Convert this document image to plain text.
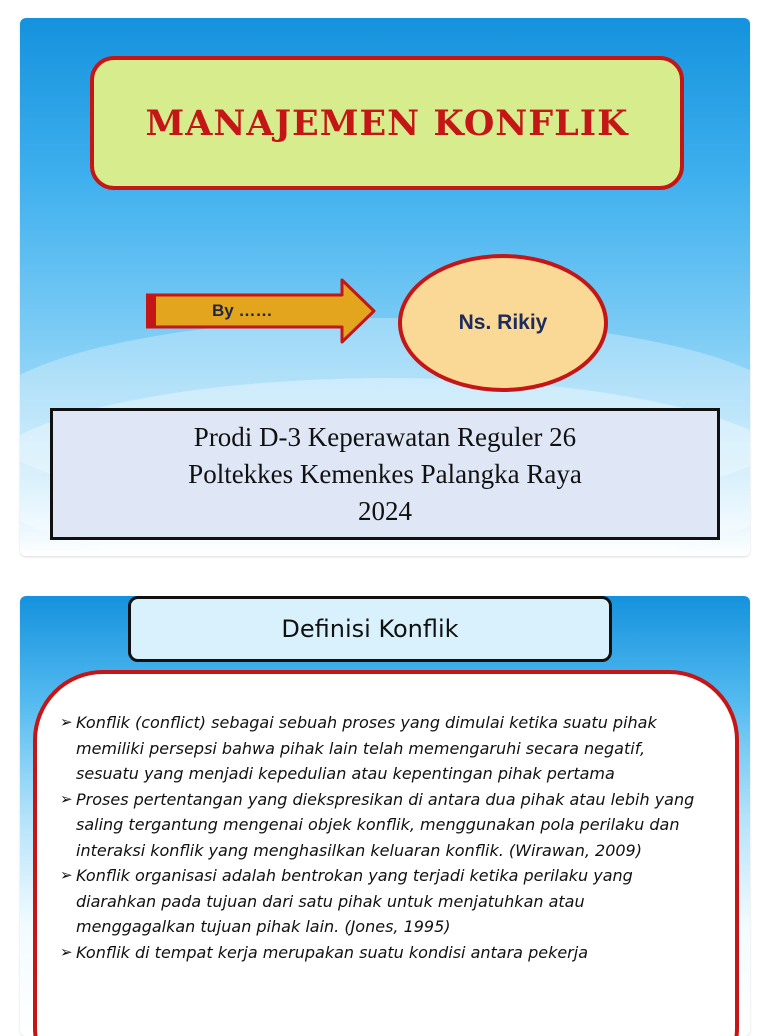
MANAJEMEN KONFLIK
By ……
Ns. Rikiy
Prodi D-3 Keperawatan Reguler 26
Poltekkes Kemenkes Palangka Raya
2024
Definisi Konflik
➢ Konflik (conflict) sebagai sebuah proses yang dimulai ketika suatu pihak memiliki persepsi bahwa pihak lain telah memengaruhi secara negatif, sesuatu yang menjadi kepedulian atau kepentingan pihak pertama
➢ Proses pertentangan yang diekspresikan di antara dua pihak atau lebih yang saling tergantung mengenai objek konflik, menggunakan pola perilaku dan interaksi konflik yang menghasilkan keluaran konflik. (Wirawan, 2009)
➢ Konflik organisasi adalah bentrokan yang terjadi ketika perilaku yang diarahkan pada tujuan dari satu pihak untuk menjatuhkan atau menggagalkan tujuan pihak lain. (Jones, 1995)
➢ Konflik di tempat kerja merupakan suatu kondisi antara pekerja
